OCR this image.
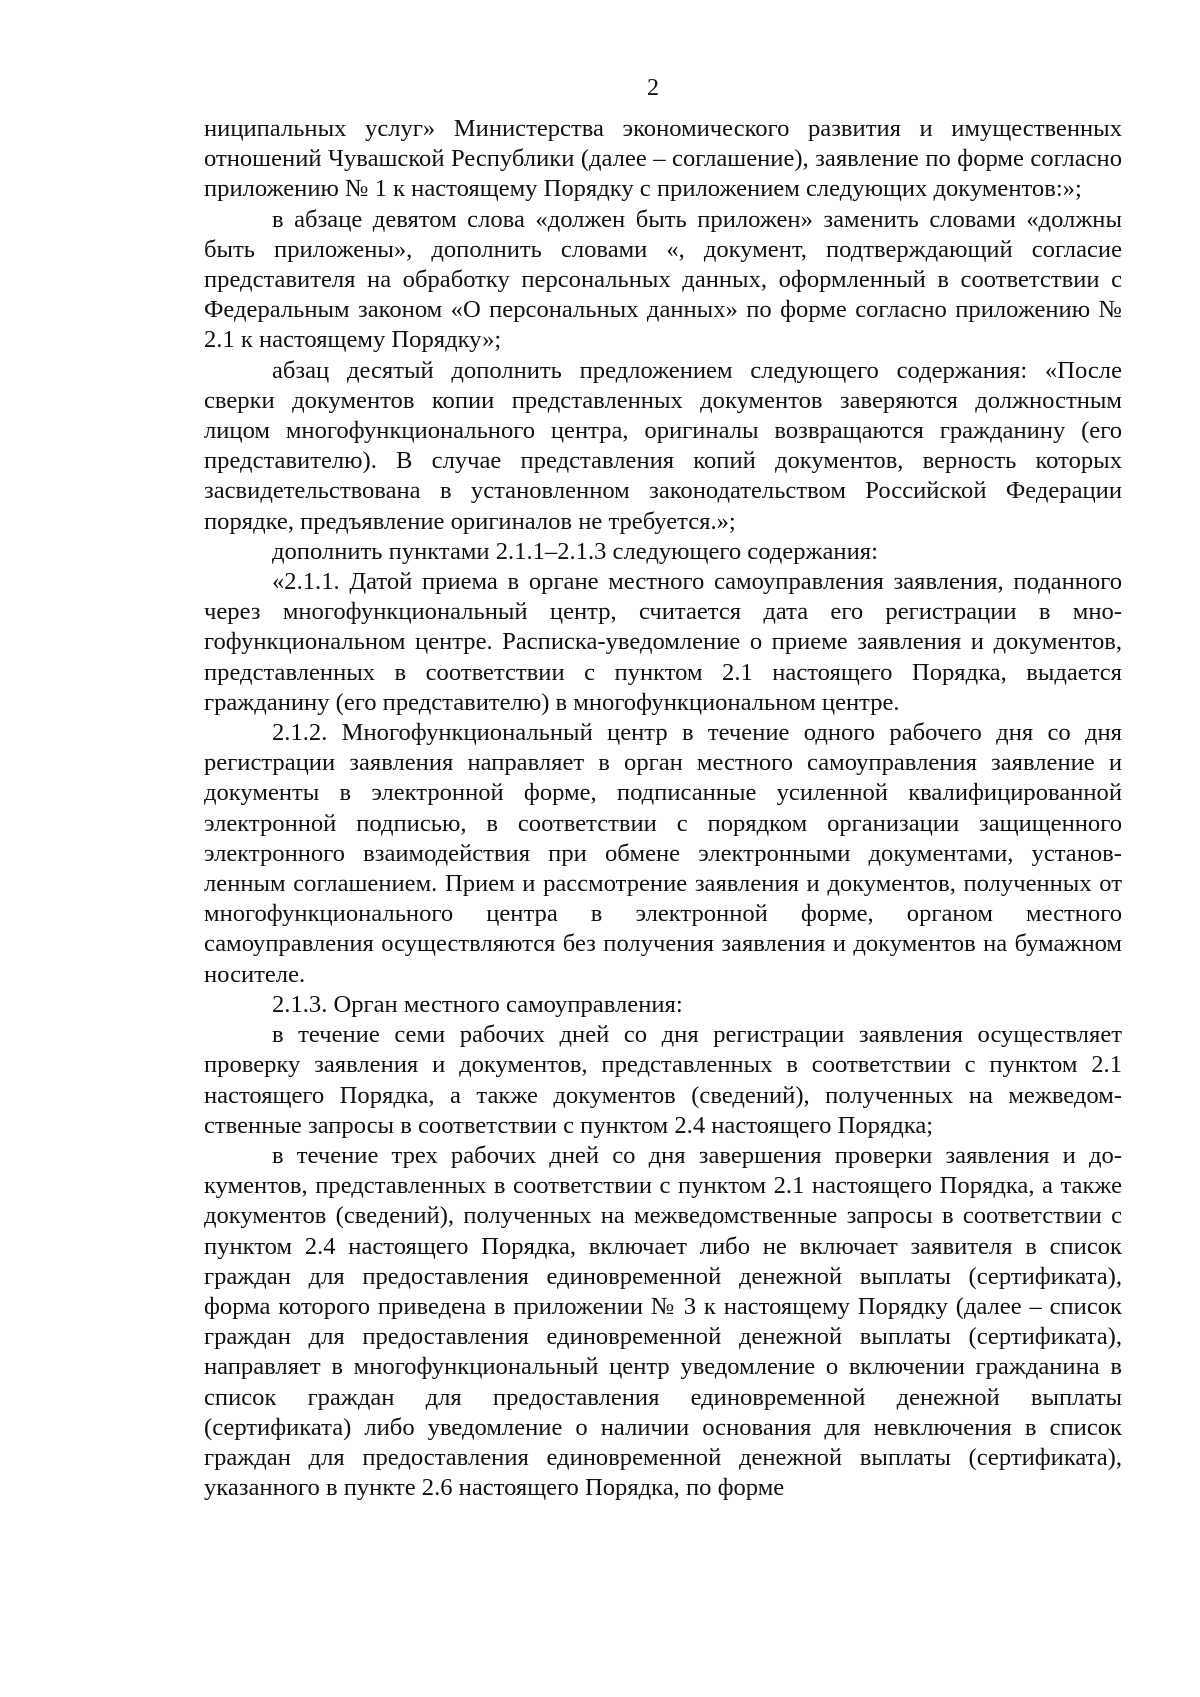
2

ниципальных услуг» Министерства экономического развития и имущественных отношений Чувашской Республики (далее – соглашение), заявление по форме согласно приложению № 1 к настоящему Порядку с приложением следующих документов:»;

в абзаце девятом слова «должен быть приложен» заменить словами «должны быть приложены», дополнить словами «, документ, подтверждающий согласие представителя на обработку персональных данных, оформленный в соответствии с Федеральным законом «О персональных данных» по форме согласно приложению № 2.1 к настоящему Порядку»;

абзац десятый дополнить предложением следующего содержания: «После сверки документов копии представленных документов заверяются должностным лицом многофункционального центра, оригиналы возвращаются гражданину (его представителю). В случае представления копий документов, верность которых засвидетельствована в установленном законодательством Российской Федерации порядке, предъявление оригиналов не требуется.»;

дополнить пунктами 2.1.1–2.1.3 следующего содержания:

«2.1.1. Датой приема в органе местного самоуправления заявления, поданного через многофункциональный центр, считается дата его регистрации в многофункциональном центре. Расписка-уведомление о приеме заявления и документов, представленных в соответствии с пунктом 2.1 настоящего Порядка, выдается гражданину (его представителю) в многофункциональном центре.

2.1.2. Многофункциональный центр в течение одного рабочего дня со дня регистрации заявления направляет в орган местного самоуправления заявление и документы в электронной форме, подписанные усиленной квалифицированной электронной подписью, в соответствии с порядком организации защищенного электронного взаимодействия при обмене электронными документами, установленным соглашением. Прием и рассмотрение заявления и документов, полученных от многофункционального центра в электронной форме, органом местного самоуправления осуществляются без получения заявления и документов на бумажном носителе.

2.1.3. Орган местного самоуправления:

в течение семи рабочих дней со дня регистрации заявления осуществляет проверку заявления и документов, представленных в соответствии с пунктом 2.1 настоящего Порядка, а также документов (сведений), полученных на межведомственные запросы в соответствии с пунктом 2.4 настоящего Порядка;

в течение трех рабочих дней со дня завершения проверки заявления и документов, представленных в соответствии с пунктом 2.1 настоящего Порядка, а также документов (сведений), полученных на межведомственные запросы в соответствии с пунктом 2.4 настоящего Порядка, включает либо не включает заявителя в список граждан для предоставления единовременной денежной выплаты (сертификата), форма которого приведена в приложении № 3 к настоящему Порядку (далее – список граждан для предоставления единовременной денежной выплаты (сертификата), направляет в многофункциональный центр уведомление о включении гражданина в список граждан для предоставления единовременной денежной выплаты (сертификата) либо уведомление о наличии основания для невключения в список граждан для предоставления единовременной денежной выплаты (сертификата), указанного в пункте 2.6 настоящего Порядка, по форме
